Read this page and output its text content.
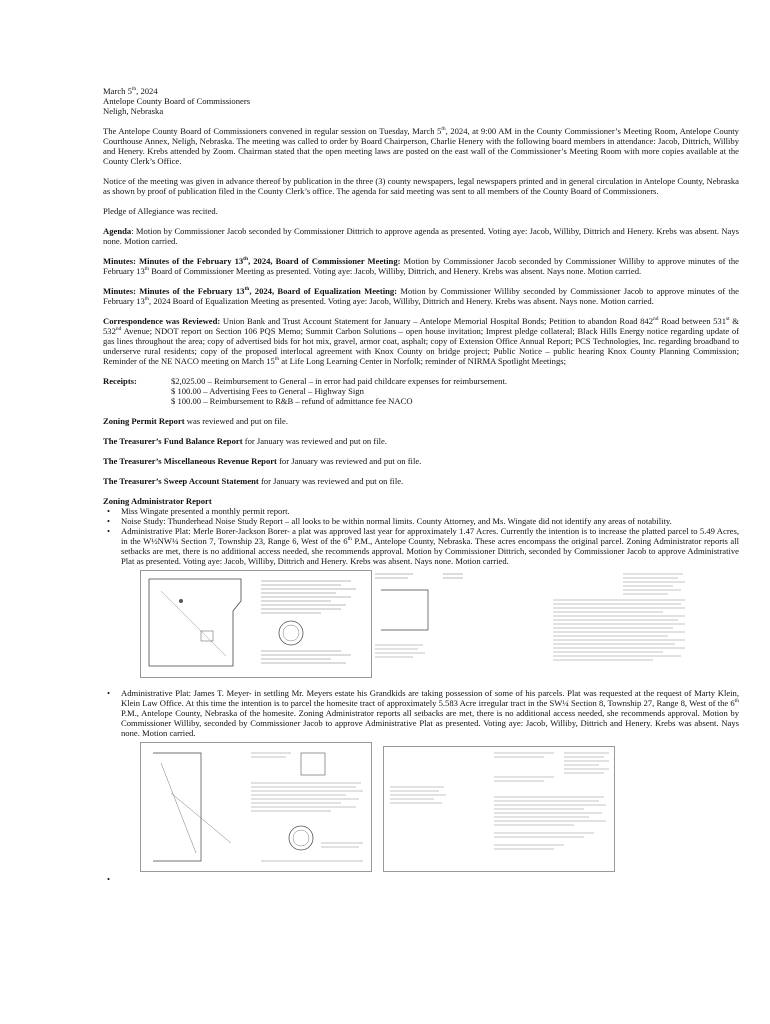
March 5th, 2024
Antelope County Board of Commissioners
Neligh, Nebraska

The Antelope County Board of Commissioners convened in regular session on Tuesday, March 5th, 2024, at 9:00 AM in the County Commissioner’s Meeting Room, Antelope County Courthouse Annex, Neligh, Nebraska. The meeting was called to order by Board Chairperson, Charlie Henery with the following board members in attendance: Jacob, Dittrich, Williby and Henery. Krebs attended by Zoom. Chairman stated that the open meeting laws are posted on the east wall of the Commissioner’s Meeting Room with more copies available at the County Clerk’s Office.

Notice of the meeting was given in advance thereof by publication in the three (3) county newspapers, legal newspapers printed and in general circulation in Antelope County, Nebraska as shown by proof of publication filed in the County Clerk’s office. The agenda for said meeting was sent to all members of the County Board of Commissioners.

Pledge of Allegiance was recited.

Agenda: Motion by Commissioner Jacob seconded by Commissioner Dittrich to approve agenda as presented. Voting aye: Jacob, Williby, Dittrich and Henery. Krebs was absent. Nays none. Motion carried.

Minutes: Minutes of the February 13th, 2024, Board of Commissioner Meeting: Motion by Commissioner Jacob seconded by Commissioner Williby to approve minutes of the February 13th Board of Commissioner Meeting as presented. Voting aye: Jacob, Williby, Dittrich, and Henery. Krebs was absent. Nays none. Motion carried.

Minutes: Minutes of the February 13th, 2024, Board of Equalization Meeting: Motion by Commissioner Williby seconded by Commissioner Jacob to approve minutes of the February 13th, 2024 Board of Equalization Meeting as presented. Voting aye: Jacob, Williby, Dittrich and Henery. Krebs was absent. Nays none. Motion carried.

Correspondence was Reviewed: Union Bank and Trust Account Statement for January – Antelope Memorial Hospital Bonds; Petition to abandon Road 842nd Road between 531st & 532nd Avenue; NDOT report on Section 106 PQS Memo; Summit Carbon Solutions – open house invitation; Imprest pledge collateral; Black Hills Energy notice regarding update of gas lines throughout the area; copy of advertised bids for hot mix, gravel, armor coat, asphalt; copy of Extension Office Annual Report; PCS Technologies, Inc. regarding broadband to underserve rural residents; copy of the proposed interlocal agreement with Knox County on bridge project; Public Notice – public hearing Knox County Planning Commission; Reminder of the NE NACO meeting on March 15th at Life Long Learning Center in Norfolk; reminder of NIRMA Spotlight Meetings;

Receipts:	$2,025.00 – Reimbursement to General – in error had paid childcare expenses for reimbursement.
$ 100.00 – Advertising Fees to General – Highway Sign
$ 100.00 – Reimbursement to R&B – refund of admittance fee NACO

Zoning Permit Report was reviewed and put on file.

The Treasurer’s Fund Balance Report for January was reviewed and put on file.

The Treasurer’s Miscellaneous Revenue Report for January was reviewed and put on file.

The Treasurer’s Sweep Account Statement for January was reviewed and put on file.

Zoning Administrator Report

• Miss Wingate presented a monthly permit report.
• Noise Study: Thunderhead Noise Study Report – all looks to be within normal limits. County Attorney, and Ms. Wingate did not identify any areas of notability.
• Administrative Plat: Merle Borer-Jackson Borer- a plat was approved last year for approximately 1.47 Acres. Currently the intention is to increase the platted parcel to 5.49 Acres, in the W½NW¼ Section 7, Township 23, Range 6, West of the 6th P.M., Antelope County, Nebraska. These acres encompass the original parcel. Zoning Administrator reports all setbacks are met, there is no additional access needed, she recommends approval. Motion by Commissioner Dittrich, seconded by Commissioner Jacob to approve Administrative Plat as presented. Voting aye: Jacob, Williby, Dittrich and Henery. Krebs was absent. Nays none. Motion carried.
• Administrative Plat: James T. Meyer- in settling Mr. Meyers estate his Grandkids are taking possession of some of his parcels. Plat was requested at the request of Marty Klein, Klein Law Office. At this time the intention is to parcel the homesite tract of approximately 5.583 Acre irregular tract in the SW¼ Section 8, Township 27, Range 8, West of the 6th P.M., Antelope County, Nebraska of the homesite. Zoning Administrator reports all setbacks are met, there is no additional access needed, she recommends approval. Motion by Commissioner Williby, seconded by Commissioner Jacob to approve Administrative Plat as presented. Voting aye: Jacob, Williby, Dittrich and Henery. Krebs was absent. Nays none. Motion carried.
•
